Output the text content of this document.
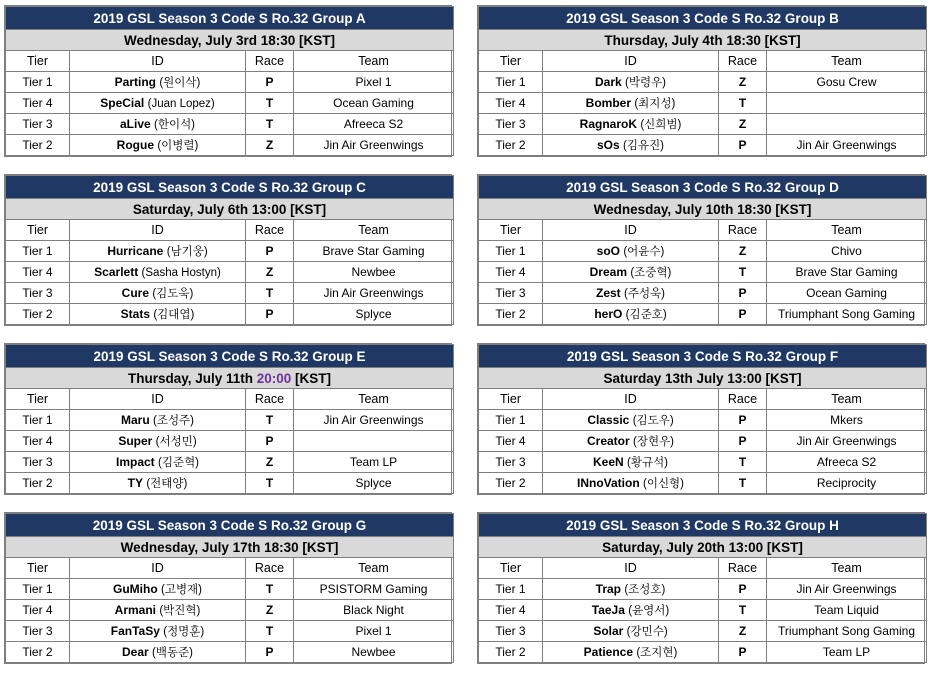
2019 GSL Season 3 Code S Ro.32 Group A			
Wednesday, July 3rd 18:30 [KST]			
Tier	ID	Race	Team
Tier 1	Parting (원이삭)	P	Pixel 1
Tier 4	SpeCial (Juan Lopez)	T	Ocean Gaming
Tier 3	aLive (한이석)	T	Afreeca S2
Tier 2	Rogue (이병렬)	Z	Jin Air Greenwings
2019 GSL Season 3 Code S Ro.32 Group B			
Thursday, July 4th 18:30 [KST]			
Tier	ID	Race	Team
Tier 1	Dark (박령우)	Z	Gosu Crew
Tier 4	Bomber (최지성)	T	
Tier 3	RagnaroK (신희범)	Z	
Tier 2	sOs (김유진)	P	Jin Air Greenwings
2019 GSL Season 3 Code S Ro.32 Group C			
Saturday, July 6th 13:00 [KST]			
Tier	ID	Race	Team
Tier 1	Hurricane (남기웅)	P	Brave Star Gaming
Tier 4	Scarlett (Sasha Hostyn)	Z	Newbee
Tier 3	Cure (김도욱)	T	Jin Air Greenwings
Tier 2	Stats (김대엽)	P	Splyce
2019 GSL Season 3 Code S Ro.32 Group D			
Wednesday, July 10th 18:30 [KST]			
Tier	ID	Race	Team
Tier 1	soO (어윤수)	Z	Chivo
Tier 4	Dream (조중혁)	T	Brave Star Gaming
Tier 3	Zest (주성욱)	P	Ocean Gaming
Tier 2	herO (김준호)	P	Triumphant Song Gaming
2019 GSL Season 3 Code S Ro.32 Group E			
Thursday, July 11th 20:00 [KST]			
Tier	ID	Race	Team
Tier 1	Maru (조성주)	T	Jin Air Greenwings
Tier 4	Super (서성민)	P	
Tier 3	Impact (김준혁)	Z	Team LP
Tier 2	TY (전태양)	T	Splyce
2019 GSL Season 3 Code S Ro.32 Group F			
Saturday 13th July 13:00 [KST]			
Tier	ID	Race	Team
Tier 1	Classic (김도우)	P	Mkers
Tier 4	Creator (장현우)	P	Jin Air Greenwings
Tier 3	KeeN (황규석)	T	Afreeca S2
Tier 2	INnoVation (이신형)	T	Reciprocity
2019 GSL Season 3 Code S Ro.32 Group G			
Wednesday, July 17th 18:30 [KST]			
Tier	ID	Race	Team
Tier 1	GuMiho (고병재)	T	PSISTORM Gaming
Tier 4	Armani (박진혁)	Z	Black Night
Tier 3	FanTaSy (정명훈)	T	Pixel 1
Tier 2	Dear (백동준)	P	Newbee
2019 GSL Season 3 Code S Ro.32 Group H			
Saturday, July 20th 13:00 [KST]			
Tier	ID	Race	Team
Tier 1	Trap (조성호)	P	Jin Air Greenwings
Tier 4	TaeJa (윤영서)	T	Team Liquid
Tier 3	Solar (강민수)	Z	Triumphant Song Gaming
Tier 2	Patience (조지현)	P	Team LP
